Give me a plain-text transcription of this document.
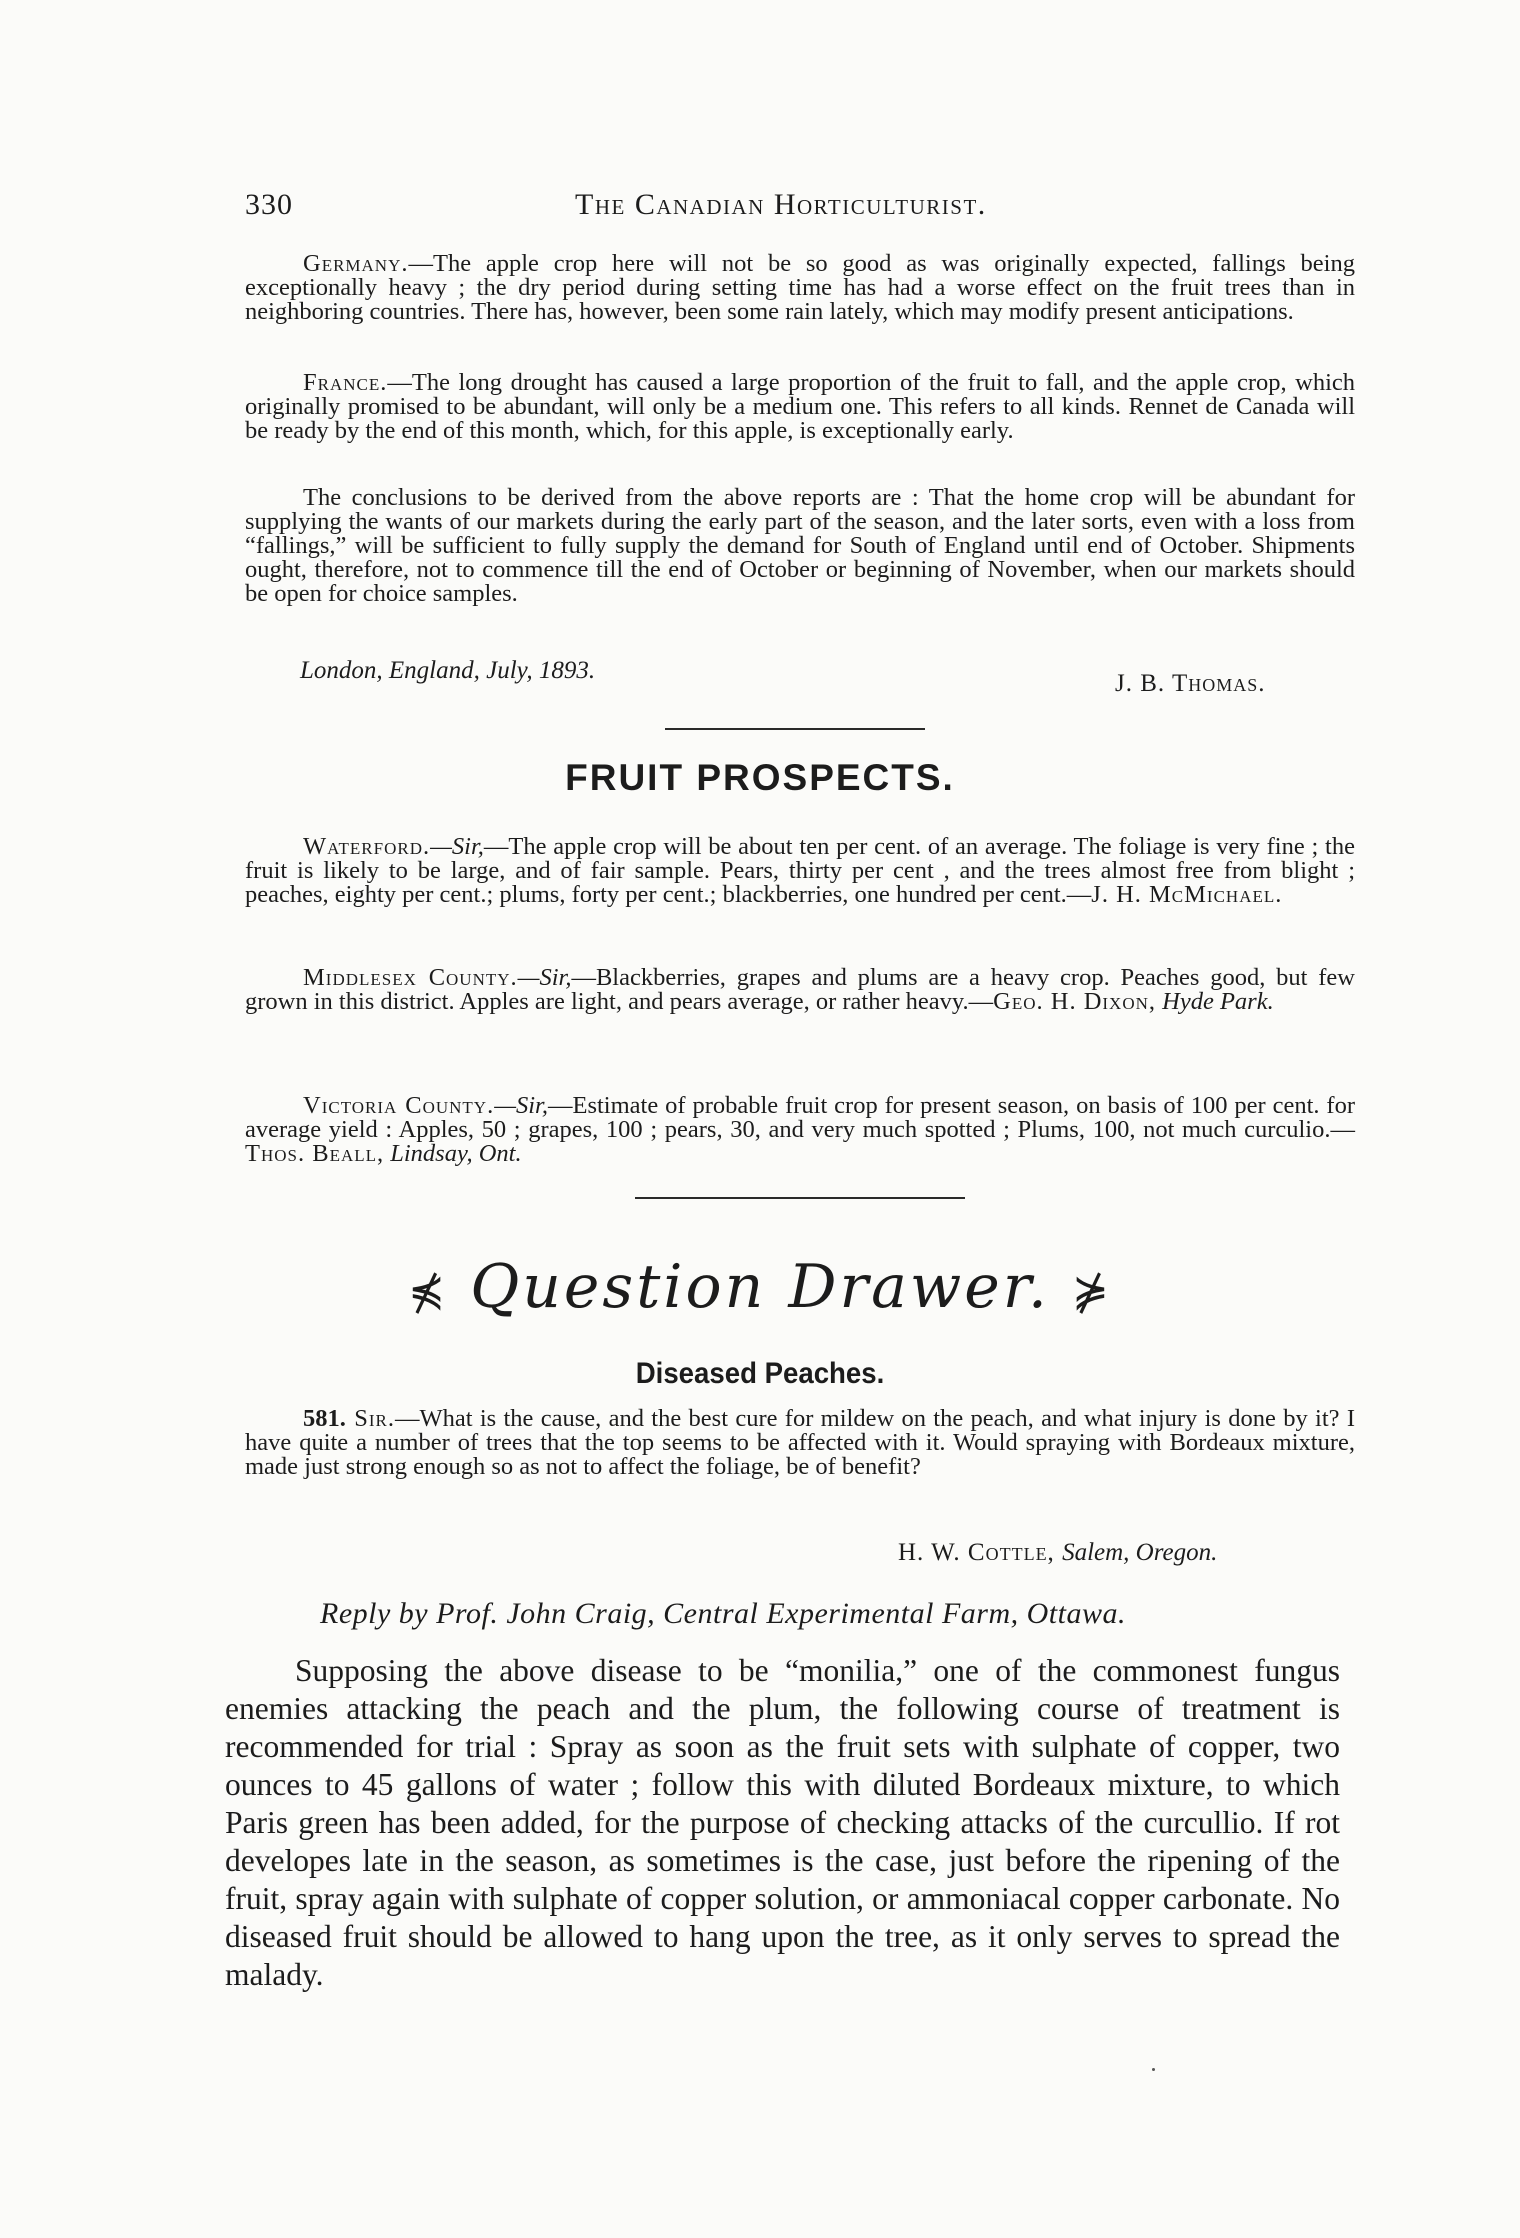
330	The Canadian Horticulturist.

Germany.—The apple crop here will not be so good as was originally expected, fallings being exceptionally heavy ; the dry period during setting time has had a worse effect on the fruit trees than in neighboring countries. There has, however, been some rain lately, which may modify present anticipations.

France.—The long drought has caused a large proportion of the fruit to fall, and the apple crop, which originally promised to be abundant, will only be a medium one. This refers to all kinds. Rennet de Canada will be ready by the end of this month, which, for this apple, is exceptionally early.

The conclusions to be derived from the above reports are : That the home crop will be abundant for supplying the wants of our markets during the early part of the season, and the later sorts, even with a loss from “fallings,” will be sufficient to fully supply the demand for South of England until end of October. Shipments ought, therefore, not to commence till the end of October or beginning of November, when our markets should be open for choice samples.

London, England, July, 1893.	J. B. Thomas.
FRUIT PROSPECTS.

Waterford.—Sir,—The apple crop will be about ten per cent. of an average. The foliage is very fine ; the fruit is likely to be large, and of fair sample. Pears, thirty per cent , and the trees almost free from blight ; peaches, eighty per cent.; plums, forty per cent.; blackberries, one hundred per cent.—J. H. McMichael.

Middlesex County.—Sir,—Blackberries, grapes and plums are a heavy crop. Peaches good, but few grown in this district. Apples are light, and pears average, or rather heavy.—Geo. H. Dixon, Hyde Park.

Victoria County.—Sir,—Estimate of probable fruit crop for present season, on basis of 100 per cent. for average yield : Apples, 50 ; grapes, 100 ; pears, 30, and very much spotted ; Plums, 100, not much curculio.—Thos. Beall, Lindsay, Ont.

⋠ Question Drawer. ⋡
Diseased Peaches.

581. Sir.—What is the cause, and the best cure for mildew on the peach, and what injury is done by it? I have quite a number of trees that the top seems to be affected with it. Would spraying with Bordeaux mixture, made just strong enough so as not to affect the foliage, be of benefit?

H. W. Cottle, Salem, Oregon.
Reply by Prof. John Craig, Central Experimental Farm, Ottawa.

Supposing the above disease to be “monilia,” one of the commonest fungus enemies attacking the peach and the plum, the following course of treatment is recommended for trial : Spray as soon as the fruit sets with sulphate of copper, two ounces to 45 gallons of water ; follow this with diluted Bordeaux mixture, to which Paris green has been added, for the purpose of checking attacks of the curcullio. If rot developes late in the season, as sometimes is the case, just before the ripening of the fruit, spray again with sulphate of copper solution, or ammoniacal copper carbonate. No diseased fruit should be allowed to hang upon the tree, as it only serves to spread the malady.
